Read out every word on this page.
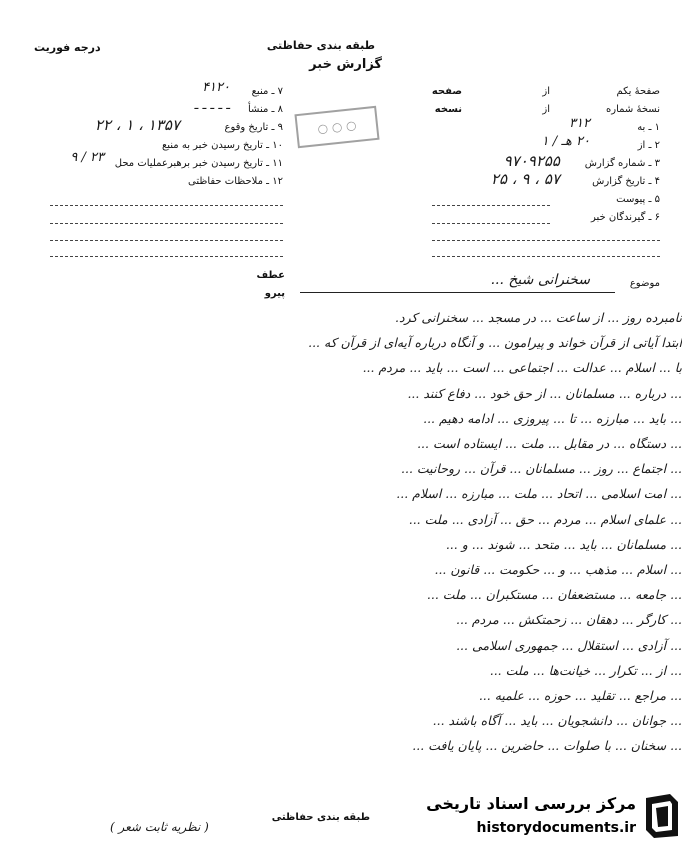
طبقه بندی حفاظتی
گزارش خبر
درجه فوریت
صفحهٔ یکم
از
صفحه
نسخهٔ شماره
از
نسخه
○ ○ ○	۱ ـ به
۳۱۲
۲ ـ از
۲۰ هـ / ۱
۳ ـ شماره گزارش
۹۷۰۹۲۵۵
۴ ـ تاریخ گزارش
۵۷ ، ۹ ، ۲۵
۵ ـ پیوست
۶ ـ گیرندگان خبر
۷ ـ منبع
۴۱۲۰
۸ ـ منشأ
ـ ـ ـ ـ ـ
۹ ـ تاریخ وقوع
۱۳۵۷ ، ۱ ، ۲۲
۱۰ ـ تاریخ رسیدن خبر به منبع
۱۱ ـ تاریخ رسیدن خبر برهبرعملیات محل
۲۳ / ۹
۱۲ ـ ملاحظات حفاظتی
موضوع
سخنرانی شیخ ...
عطف
پیرو
نامبرده روز ... از ساعت ... در مسجد ... سخنرانی کرد.
ابتدا آیاتی از قرآن خواند و پیرامون ... و آنگاه درباره آیه‌ای از قرآن که ...
با ... اسلام ... عدالت ... اجتماعی ... است ... باید ... مردم ...
... درباره ... مسلمانان ... از حق خود ... دفاع کنند ...
... باید ... مبارزه ... تا ... پیروزی ... ادامه دهیم ...
... دستگاه ... در مقابل ... ملت ... ایستاده است ...
... اجتماع ... روز ... مسلمانان ... قرآن ... روحانیت ...
... امت اسلامی ... اتحاد ... ملت ... مبارزه ... اسلام ...
... علمای اسلام ... مردم ... حق ... آزادی ... ملت ...
... مسلمانان ... باید ... متحد ... شوند ... و ...
... اسلام ... مذهب ... و ... حکومت ... قانون ...
... جامعه ... مستضعفان ... مستکبران ... ملت ...
... کارگر ... دهقان ... زحمتکش ... مردم ...
... آزادی ... استقلال ... جمهوری اسلامی ...
... از ... تکرار ... خیانت‌ها ... ملت ...
... مراجع ... تقلید ... حوزه ... علمیه ...
... جوانان ... دانشجویان ... باید ... آگاه باشند ...
... سخنان ... با صلوات ... حاضرین ... پایان یافت ...
( نظریه ثابت شعر )
طبقه بندی حفاظتی
مرکز بررسی اسناد تاریخی
historydocuments.ir
